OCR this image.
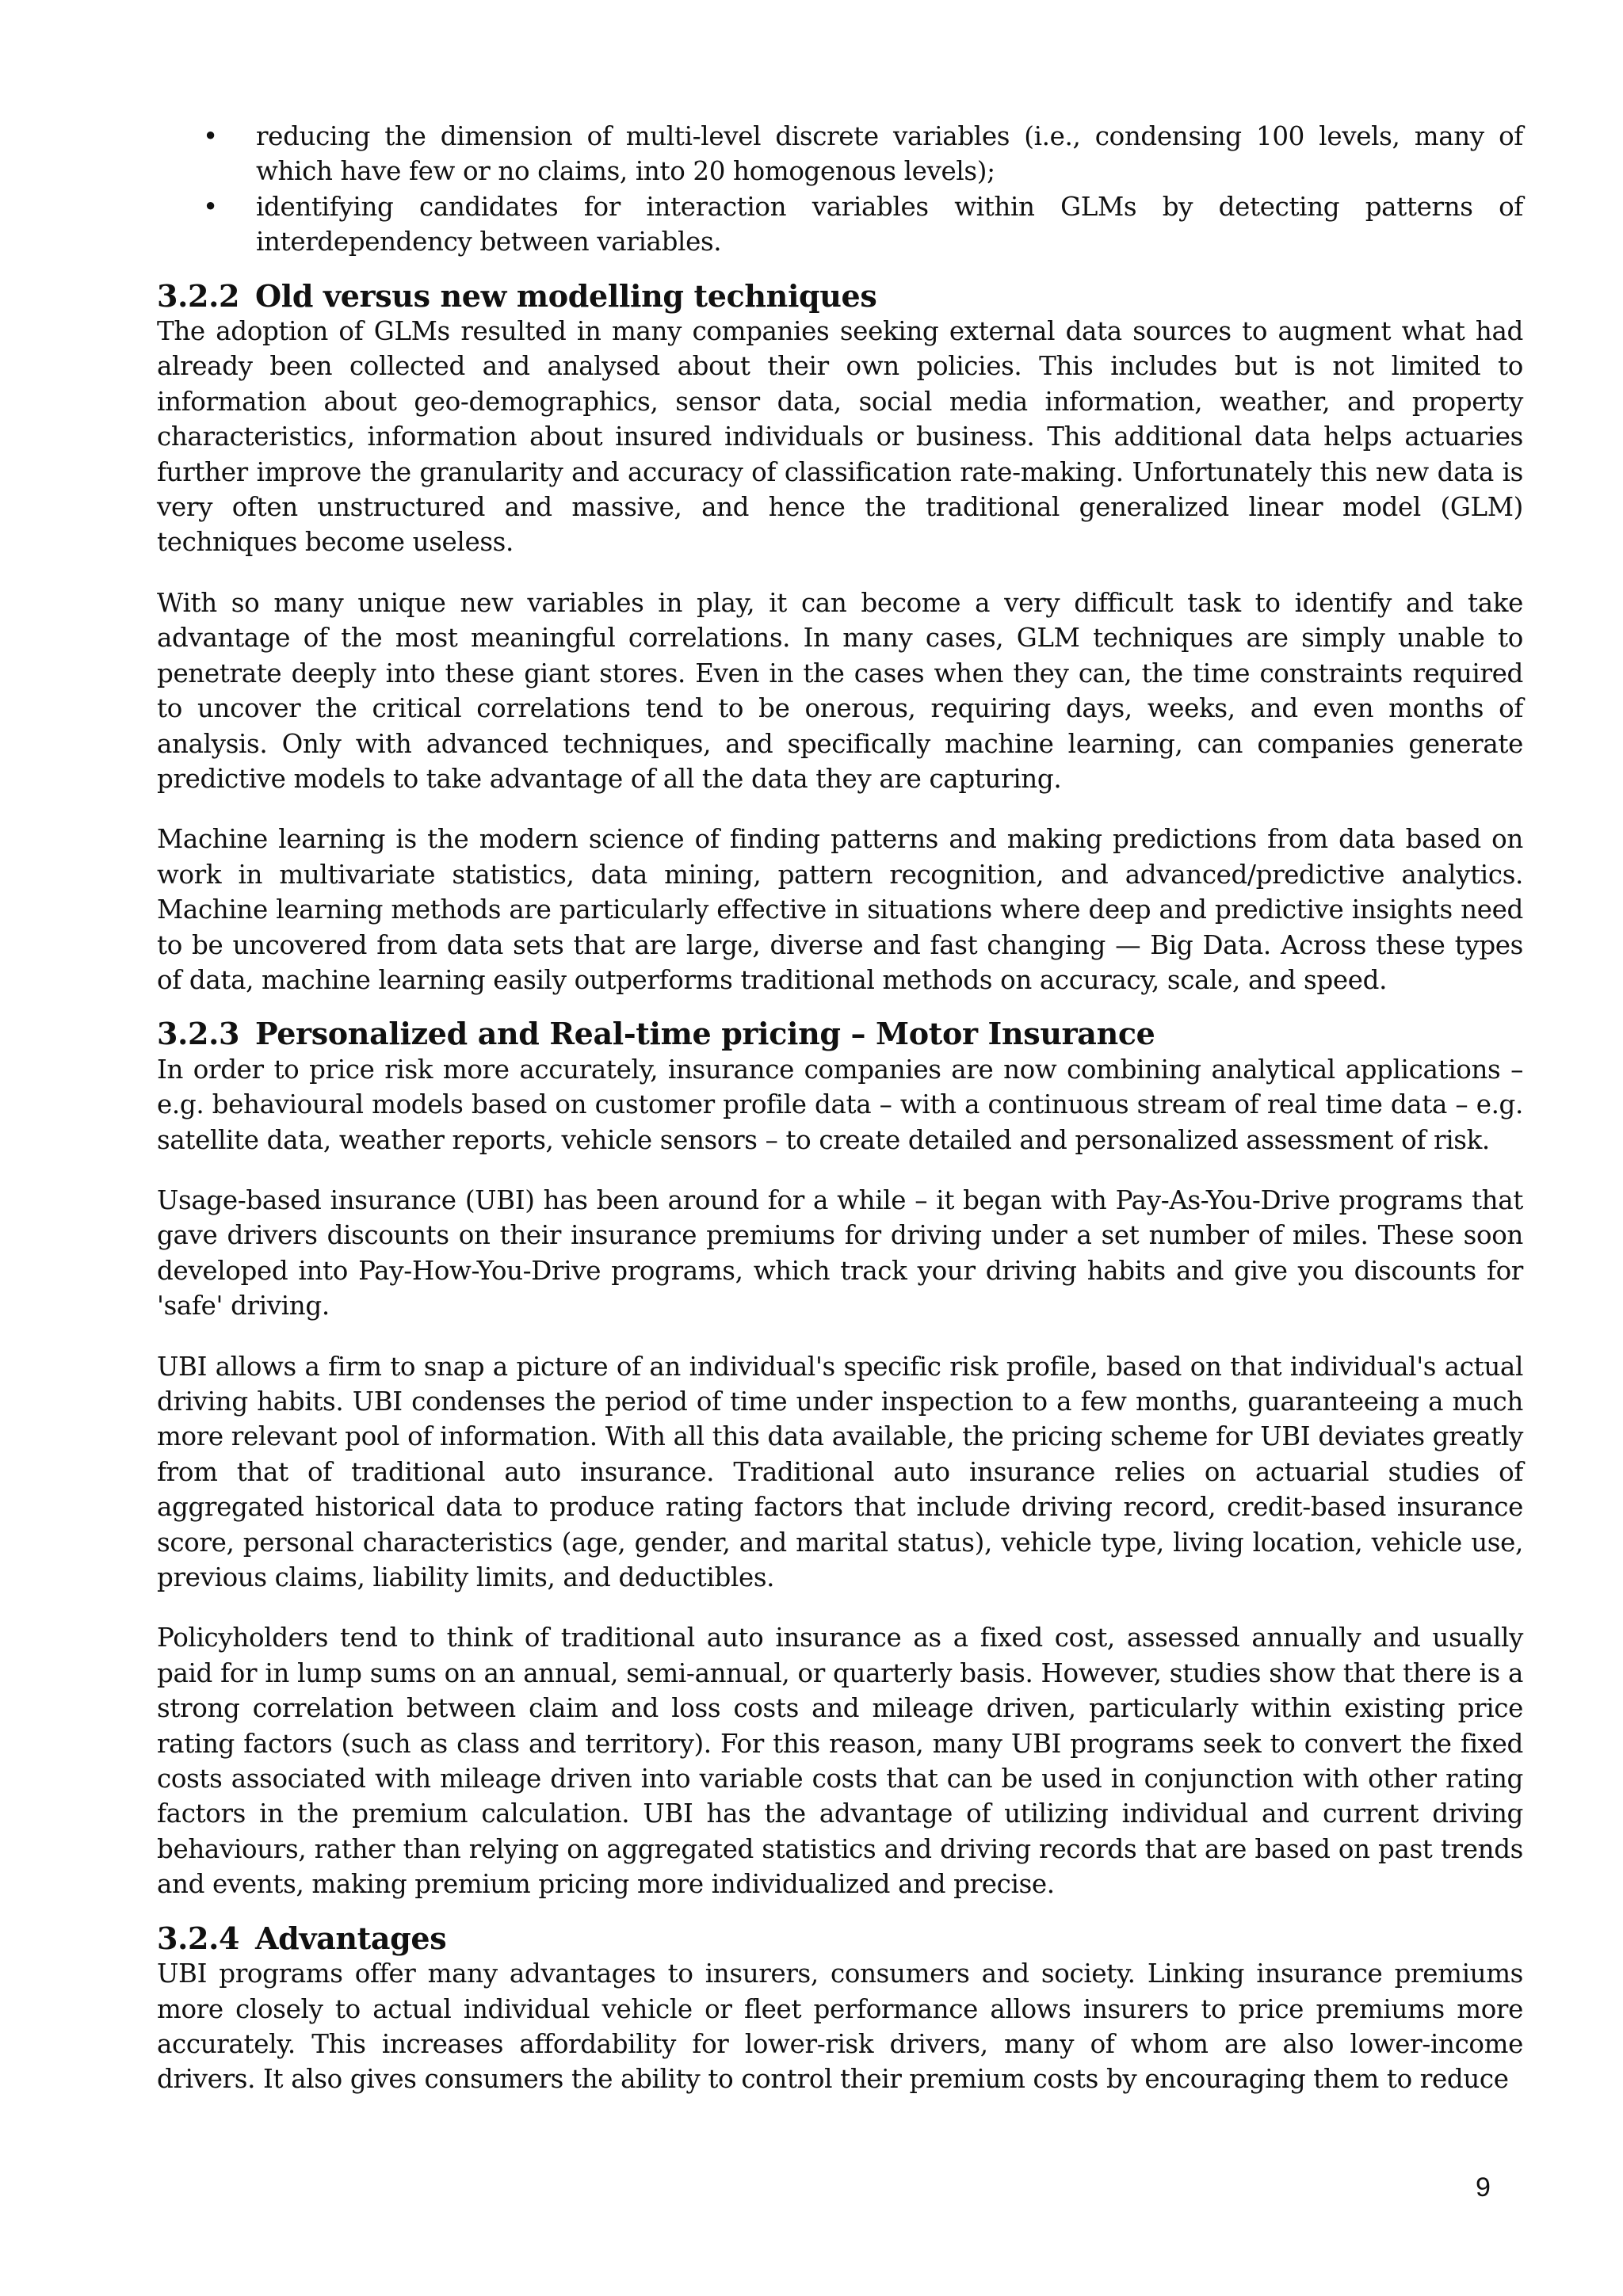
• reducing the dimension of multi-level discrete variables (i.e., condensing 100 levels, many of which have few or no claims, into 20 homogenous levels);
• identifying candidates for interaction variables within GLMs by detecting patterns of interdependency between variables.
3.2.2 Old versus new modelling techniques

The adoption of GLMs resulted in many companies seeking external data sources to augment what had already been collected and analysed about their own policies. This includes but is not limited to information about geo-demographics, sensor data, social media information, weather, and property characteristics, information about insured individuals or business. This additional data helps actuaries further improve the granularity and accuracy of classification rate-making. Unfortunately this new data is very often unstructured and massive, and hence the traditional generalized linear model (GLM) techniques become useless.

With so many unique new variables in play, it can become a very difficult task to identify and take advantage of the most meaningful correlations. In many cases, GLM techniques are simply unable to penetrate deeply into these giant stores. Even in the cases when they can, the time constraints required to uncover the critical correlations tend to be onerous, requiring days, weeks, and even months of analysis. Only with advanced techniques, and specifically machine learning, can companies generate predictive models to take advantage of all the data they are capturing.

Machine learning is the modern science of finding patterns and making predictions from data based on work in multivariate statistics, data mining, pattern recognition, and advanced/predictive analytics. Machine learning methods are particularly effective in situations where deep and predictive insights need to be uncovered from data sets that are large, diverse and fast changing — Big Data. Across these types of data, machine learning easily outperforms traditional methods on accuracy, scale, and speed.

3.2.3 Personalized and Real-time pricing – Motor Insurance

In order to price risk more accurately, insurance companies are now combining analytical applications – e.g. behavioural models based on customer profile data – with a continuous stream of real time data – e.g. satellite data, weather reports, vehicle sensors – to create detailed and personalized assessment of risk.

Usage-based insurance (UBI) has been around for a while – it began with Pay-As-You-Drive programs that gave drivers discounts on their insurance premiums for driving under a set number of miles. These soon developed into Pay-How-You-Drive programs, which track your driving habits and give you discounts for 'safe' driving.

UBI allows a firm to snap a picture of an individual's specific risk profile, based on that individual's actual driving habits. UBI condenses the period of time under inspection to a few months, guaranteeing a much more relevant pool of information. With all this data available, the pricing scheme for UBI deviates greatly from that of traditional auto insurance. Traditional auto insurance relies on actuarial studies of aggregated historical data to produce rating factors that include driving record, credit-based insurance score, personal characteristics (age, gender, and marital status), vehicle type, living location, vehicle use, previous claims, liability limits, and deductibles.

Policyholders tend to think of traditional auto insurance as a fixed cost, assessed annually and usually paid for in lump sums on an annual, semi-annual, or quarterly basis. However, studies show that there is a strong correlation between claim and loss costs and mileage driven, particularly within existing price rating factors (such as class and territory). For this reason, many UBI programs seek to convert the fixed costs associated with mileage driven into variable costs that can be used in conjunction with other rating factors in the premium calculation. UBI has the advantage of utilizing individual and current driving behaviours, rather than relying on aggregated statistics and driving records that are based on past trends and events, making premium pricing more individualized and precise.

3.2.4 Advantages

UBI programs offer many advantages to insurers, consumers and society. Linking insurance premiums more closely to actual individual vehicle or fleet performance allows insurers to price premiums more accurately. This increases affordability for lower-risk drivers, many of whom are also lower-income drivers. It also gives consumers the ability to control their premium costs by encouraging them to reduce

9
